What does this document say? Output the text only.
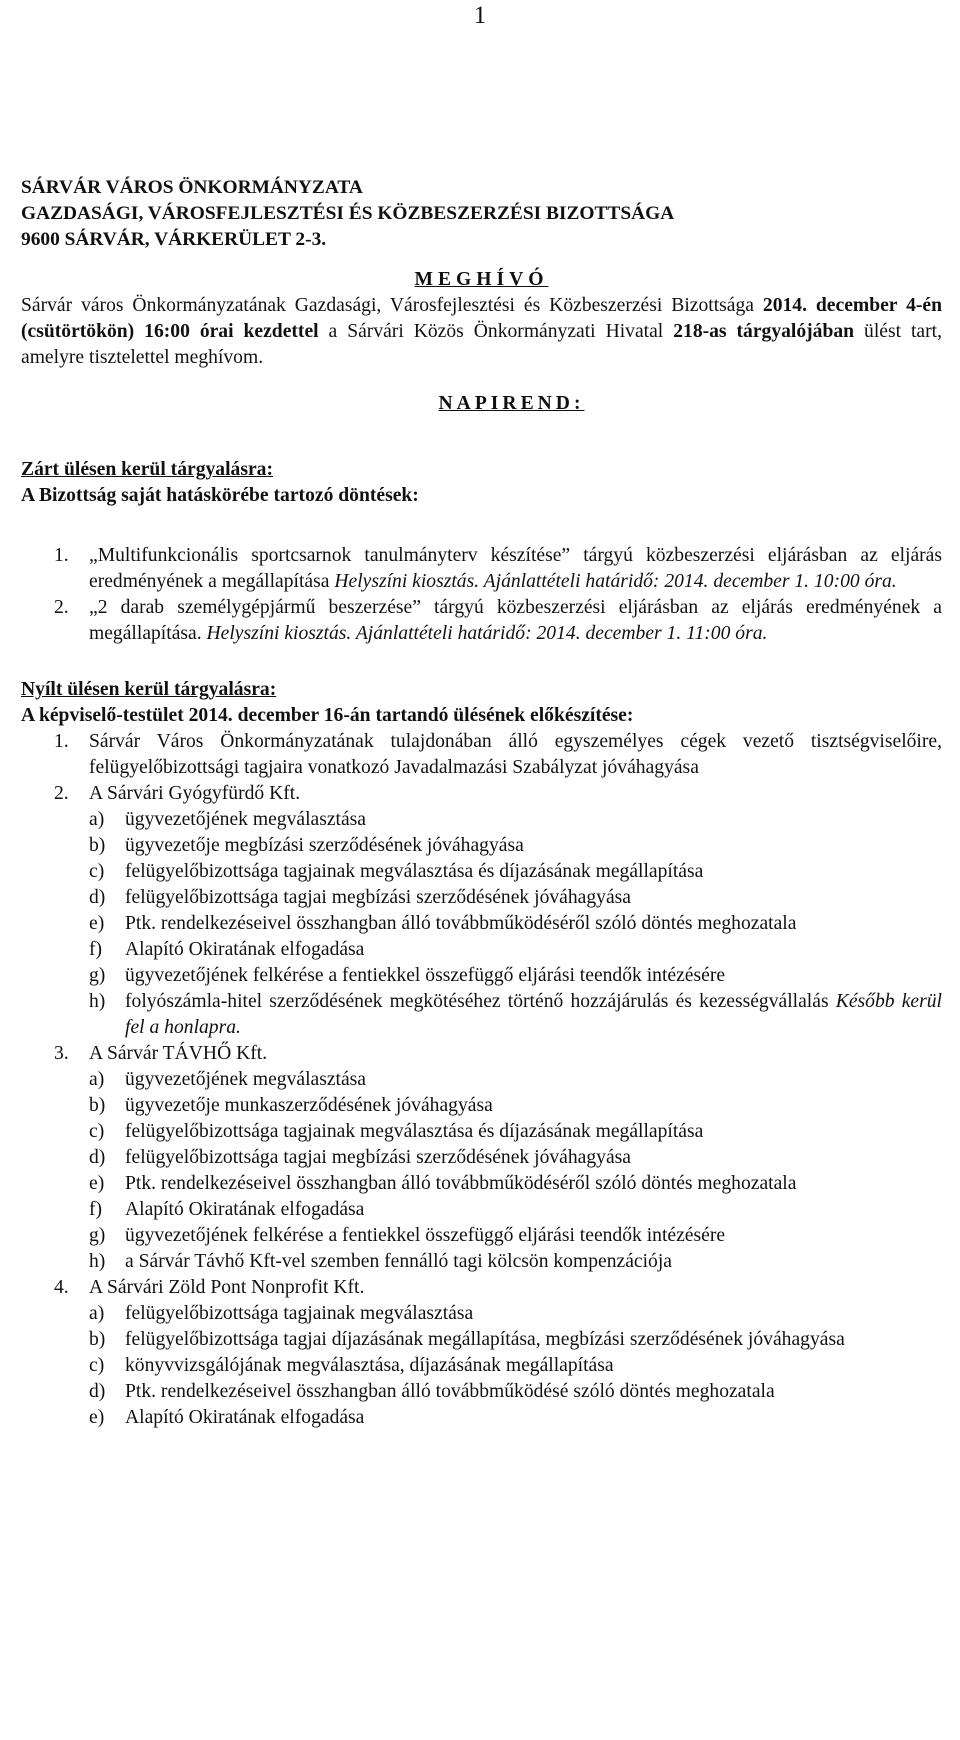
1
SÁRVÁR VÁROS ÖNKORMÁNYZATA
GAZDASÁGI, VÁROSFEJLESZTÉSI ÉS KÖZBESZERZÉSI BIZOTTSÁGA
9600 SÁRVÁR, VÁRKERÜLET 2-3.
MEGHÍVÓ
Sárvár város Önkormányzatának Gazdasági, Városfejlesztési és Közbeszerzési Bizottsága 2014. december 4-én (csütörtökön) 16:00 órai kezdettel a Sárvári Közös Önkormányzati Hivatal 218-as tárgyalójában ülést tart, amelyre tisztelettel meghívom.
NAPIREND:
Zárt ülésen kerül tárgyalásra:
A Bizottság saját hatáskörébe tartozó döntések:
1. „Multifunkcionális sportcsarnok tanulmányterv készítése” tárgyú közbeszerzési eljárásban az eljárás eredményének a megállapítása Helyszíni kiosztás. Ajánlattételi határidő: 2014. december 1. 10:00 óra.
2. „2 darab személygépjármű beszerzése” tárgyú közbeszerzési eljárásban az eljárás eredményének a megállapítása. Helyszíni kiosztás. Ajánlattételi határidő: 2014. december 1. 11:00 óra.
Nyílt ülésen kerül tárgyalásra:
A képviselő-testület 2014. december 16-án tartandó ülésének előkészítése:
1. Sárvár Város Önkormányzatának tulajdonában álló egyszemélyes cégek vezető tisztségviselőire, felügyelőbizottsági tagjaira vonatkozó Javadalmazási Szabályzat jóváhagyása
2. A Sárvári Gyógyfürdő Kft.
a) ügyvezetőjének megválasztása
b) ügyvezetője megbízási szerződésének jóváhagyása
c) felügyelőbizottsága tagjainak megválasztása és díjazásának megállapítása
d) felügyelőbizottsága tagjai megbízási szerződésének jóváhagyása
e) Ptk. rendelkezéseivel összhangban álló továbbműködéséről szóló döntés meghozatala
f) Alapító Okiratának elfogadása
g) ügyvezetőjének felkérése a fentiekkel összefüggő eljárási teendők intézésére
h) folyószámla-hitel szerződésének megkötéséhez történő hozzájárulás és kezességvállalás Később kerül fel a honlapra.
3. A Sárvár TÁVHŐ Kft.
a) ügyvezetőjének megválasztása
b) ügyvezetője munkaszerződésének jóváhagyása
c) felügyelőbizottsága tagjainak megválasztása és díjazásának megállapítása
d) felügyelőbizottsága tagjai megbízási szerződésének jóváhagyása
e) Ptk. rendelkezéseivel összhangban álló továbbműködéséről szóló döntés meghozatala
f) Alapító Okiratának elfogadása
g) ügyvezetőjének felkérése a fentiekkel összefüggő eljárási teendők intézésére
h) a Sárvár Távhő Kft-vel szemben fennálló tagi kölcsön kompenzációja
4. A Sárvári Zöld Pont Nonprofit Kft.
a) felügyelőbizottsága tagjainak megválasztása
b) felügyelőbizottsága tagjai díjazásának megállapítása, megbízási szerződésének jóváhagyása
c) könyvvizsgálójának megválasztása, díjazásának megállapítása
d) Ptk. rendelkezéseivel összhangban álló továbbműködésé szóló döntés meghozatala
e) Alapító Okiratának elfogadása
